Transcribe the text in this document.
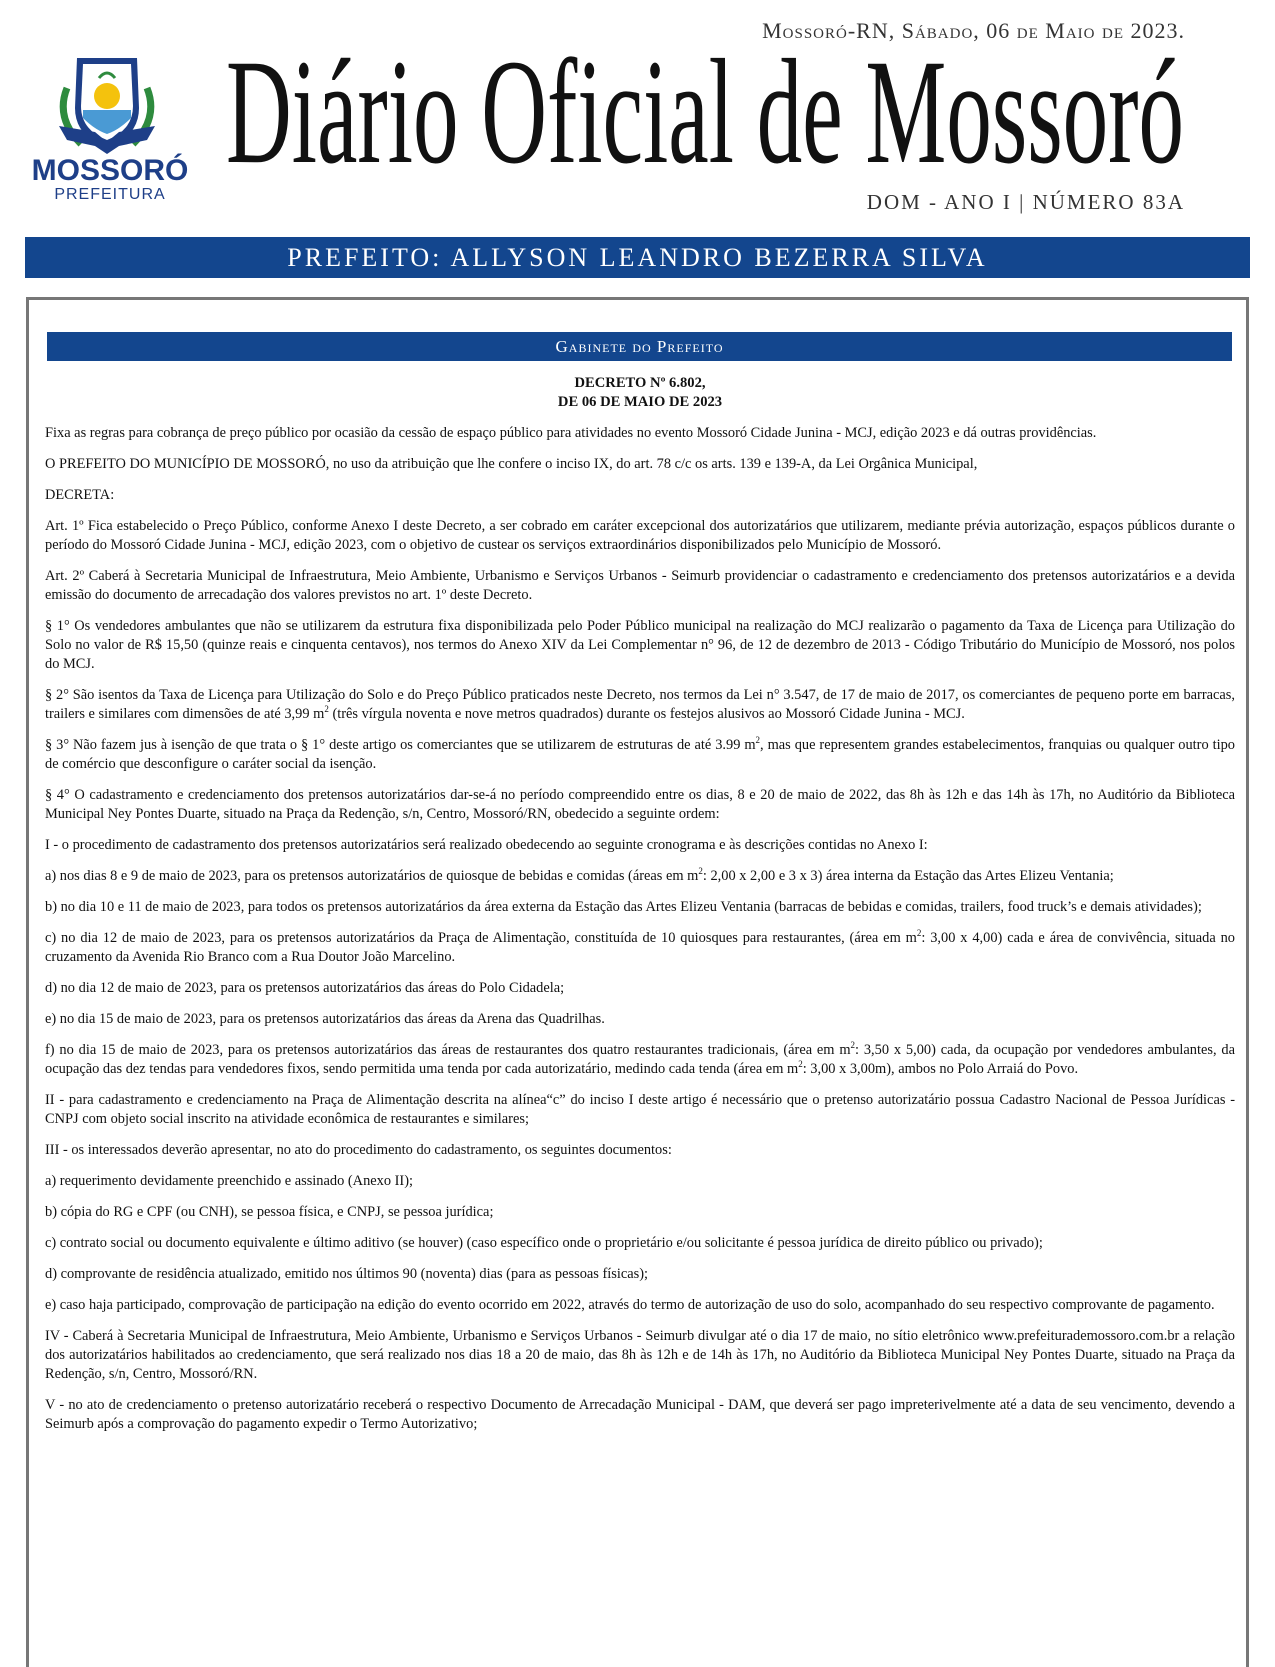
Mossoró-RN, Sábado, 06 de Maio de 2023.
MOSSORÓ
PREFEITURA Diário Oficial de Mossoró
DOM - ANO I | NÚMERO 83A
PREFEITO: ALLYSON LEANDRO BEZERRA SILVA
Gabinete do Prefeito
DECRETO Nº 6.802,
DE 06 DE MAIO DE 2023

Fixa as regras para cobrança de preço público por ocasião da cessão de espaço público para atividades no evento Mossoró Cidade Junina - MCJ, edição 2023 e dá outras providências.

O PREFEITO DO MUNICÍPIO DE MOSSORÓ, no uso da atribuição que lhe confere o inciso IX, do art. 78 c/c os arts. 139 e 139-A, da Lei Orgânica Municipal,

DECRETA:

Art. 1º Fica estabelecido o Preço Público, conforme Anexo I deste Decreto, a ser cobrado em caráter excepcional dos autorizatários que utilizarem, mediante prévia autorização, espaços públicos durante o período do Mossoró Cidade Junina - MCJ, edição 2023, com o objetivo de custear os serviços extraordinários disponibilizados pelo Município de Mossoró.

Art. 2º Caberá à Secretaria Municipal de Infraestrutura, Meio Ambiente, Urbanismo e Serviços Urbanos - Seimurb providenciar o cadastramento e credenciamento dos pretensos autorizatários e a devida emissão do documento de arrecadação dos valores previstos no art. 1º deste Decreto.

§ 1° Os vendedores ambulantes que não se utilizarem da estrutura fixa disponibilizada pelo Poder Público municipal na realização do MCJ realizarão o pagamento da Taxa de Licença para Utilização do Solo no valor de R$ 15,50 (quinze reais e cinquenta centavos), nos termos do Anexo XIV da Lei Complementar n° 96, de 12 de dezembro de 2013 - Código Tributário do Município de Mossoró, nos polos do MCJ.

§ 2° São isentos da Taxa de Licença para Utilização do Solo e do Preço Público praticados neste Decreto, nos termos da Lei n° 3.547, de 17 de maio de 2017, os comerciantes de pequeno porte em barracas, trailers e similares com dimensões de até 3,99 $m^2$ (três vírgula noventa e nove metros quadrados) durante os festejos alusivos ao Mossoró Cidade Junina - MCJ.

§ 3° Não fazem jus à isenção de que trata o § 1° deste artigo os comerciantes que se utilizarem de estruturas de até 3.99 $m^2$, mas que representem grandes estabelecimentos, franquias ou qualquer outro tipo de comércio que desconfigure o caráter social da isenção.

§ 4° O cadastramento e credenciamento dos pretensos autorizatários dar-se-á no período compreendido entre os dias, 8 e 20 de maio de 2022, das 8h às 12h e das 14h às 17h, no Auditório da Biblioteca Municipal Ney Pontes Duarte, situado na Praça da Redenção, s/n, Centro, Mossoró/RN, obedecido a seguinte ordem:

I - o procedimento de cadastramento dos pretensos autorizatários será realizado obedecendo ao seguinte cronograma e às descrições contidas no Anexo I:

a) nos dias 8 e 9 de maio de 2023, para os pretensos autorizatários de quiosque de bebidas e comidas (áreas em $m^2$: 2,00 x 2,00 e 3 x 3) área interna da Estação das Artes Elizeu Ventania;

b) no dia 10 e 11 de maio de 2023, para todos os pretensos autorizatários da área externa da Estação das Artes Elizeu Ventania (barracas de bebidas e comidas, trailers, food truck’s e demais atividades);

c) no dia 12 de maio de 2023, para os pretensos autorizatários da Praça de Alimentação, constituída de 10 quiosques para restaurantes, (área em $m^2$: 3,00 x 4,00) cada e área de convivência, situada no cruzamento da Avenida Rio Branco com a Rua Doutor João Marcelino.

d) no dia 12 de maio de 2023, para os pretensos autorizatários das áreas do Polo Cidadela;

e) no dia 15 de maio de 2023, para os pretensos autorizatários das áreas da Arena das Quadrilhas.

f) no dia 15 de maio de 2023, para os pretensos autorizatários das áreas de restaurantes dos quatro restaurantes tradicionais, (área em $m^2$: 3,50 x 5,00) cada, da ocupação por vendedores ambulantes, da ocupação das dez tendas para vendedores fixos, sendo permitida uma tenda por cada autorizatário, medindo cada tenda (área em $m^2$: 3,00 x 3,00m), ambos no Polo Arraiá do Povo.

II - para cadastramento e credenciamento na Praça de Alimentação descrita na alínea“c” do inciso I deste artigo é necessário que o pretenso autorizatário possua Cadastro Nacional de Pessoa Jurídicas - CNPJ com objeto social inscrito na atividade econômica de restaurantes e similares;

III - os interessados deverão apresentar, no ato do procedimento do cadastramento, os seguintes documentos:

a) requerimento devidamente preenchido e assinado (Anexo II);

b) cópia do RG e CPF (ou CNH), se pessoa física, e CNPJ, se pessoa jurídica;

c) contrato social ou documento equivalente e último aditivo (se houver) (caso específico onde o proprietário e/ou solicitante é pessoa jurídica de direito público ou privado);

d) comprovante de residência atualizado, emitido nos últimos 90 (noventa) dias (para as pessoas físicas);

e) caso haja participado, comprovação de participação na edição do evento ocorrido em 2022, através do termo de autorização de uso do solo, acompanhado do seu respectivo comprovante de pagamento.

IV - Caberá à Secretaria Municipal de Infraestrutura, Meio Ambiente, Urbanismo e Serviços Urbanos - Seimurb divulgar até o dia 17 de maio, no sítio eletrônico www.prefeiturademossoro.com.br a relação dos autorizatários habilitados ao credenciamento, que será realizado nos dias 18 a 20 de maio, das 8h às 12h e de 14h às 17h, no Auditório da Biblioteca Municipal Ney Pontes Duarte, situado na Praça da Redenção, s/n, Centro, Mossoró/RN.

V - no ato de credenciamento o pretenso autorizatário receberá o respectivo Documento de Arrecadação Municipal - DAM, que deverá ser pago impreterivelmente até a data de seu vencimento, devendo a Seimurb após a comprovação do pagamento expedir o Termo Autorizativo;
